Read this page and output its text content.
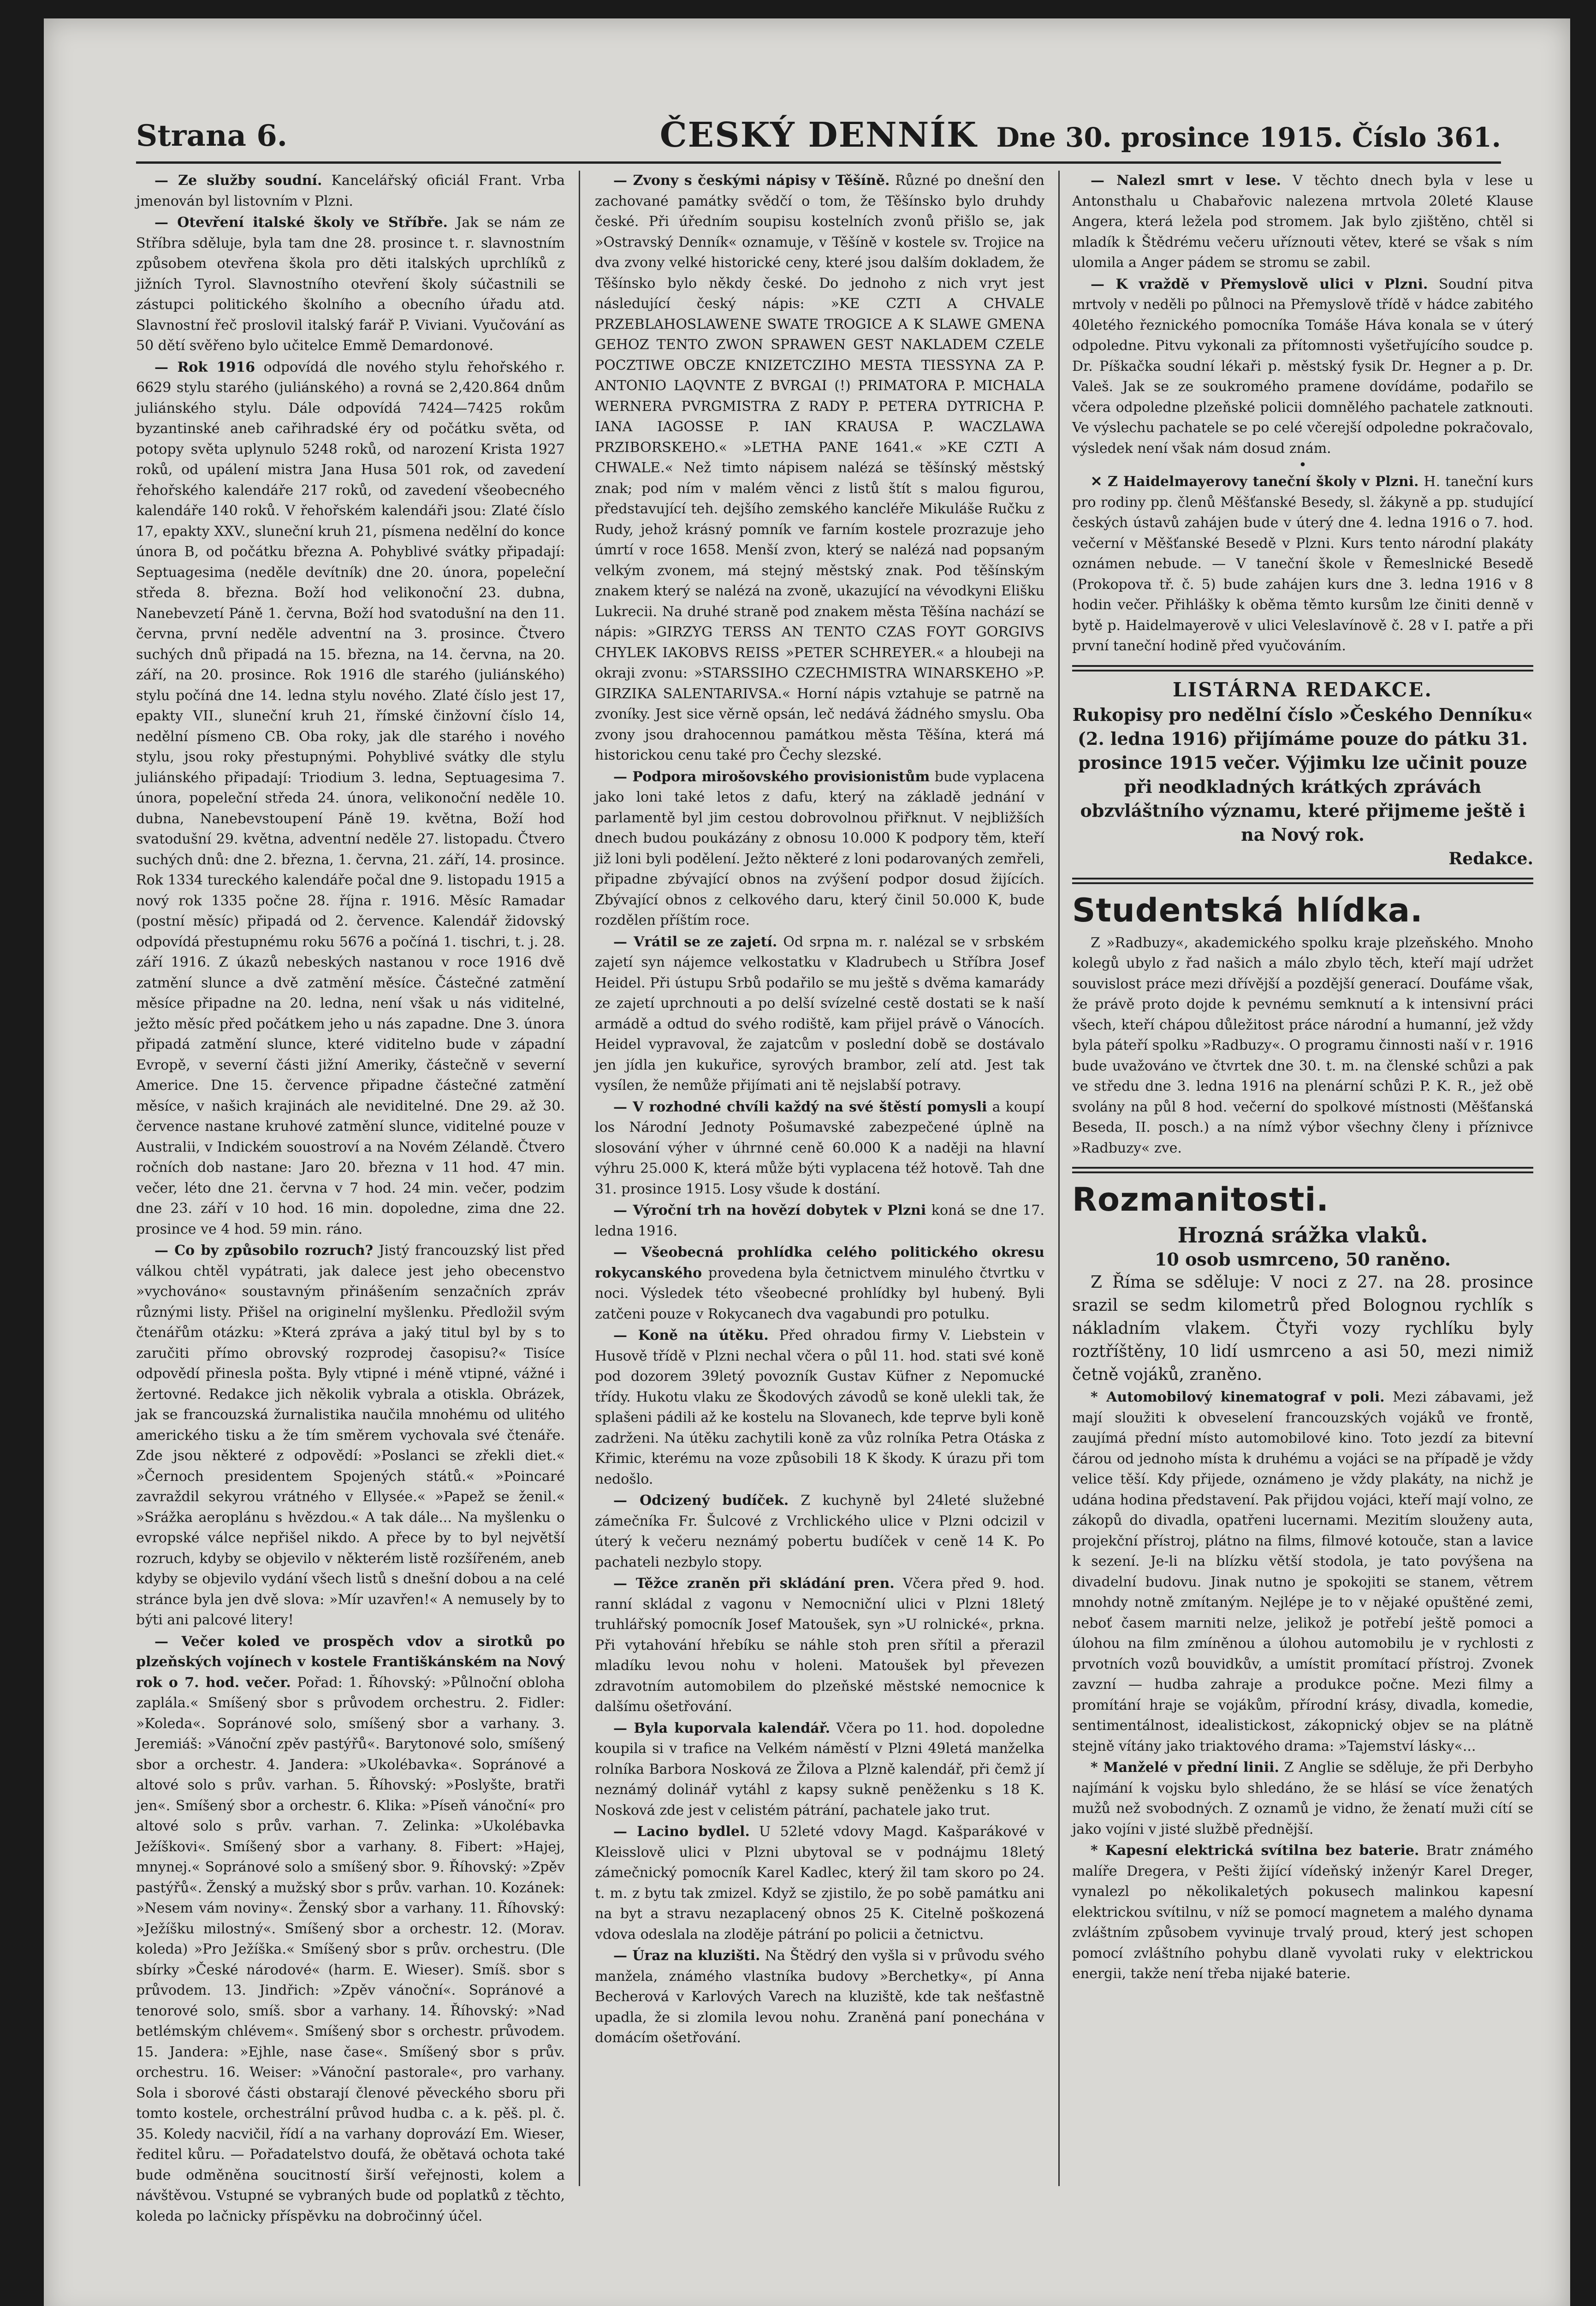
Strana 6.	ČESKÝ DENNÍK Dne 30. prosince 1915. Číslo 361.

— Ze služby soudní. Kancelářský oficiál Frant. Vrba jmenován byl listovním v Plzni.

— Otevření italské školy ve Stříbře. Jak se nám ze Stříbra sděluje, byla tam dne 28. prosince t. r. slavnostním způsobem otevřena škola pro děti italských uprchlíků z jižních Tyrol. Slavnostního otevření školy súčastnili se zástupci politického školního a obecního úřadu atd. Slavnostní řeč proslovil italský farář P. Viviani. Vyučování as 50 dětí svěřeno bylo učitelce Emmě Demardonové.

— Rok 1916 odpovídá dle nového stylu řehořského r. 6629 stylu starého (juliánského) a rovná se 2,420.864 dnům juliánského stylu. Dále odpovídá 7424—7425 rokům byzantinské aneb cařihradské éry od počátku světa, od potopy světa uplynulo 5248 roků, od narození Krista 1927 roků, od upálení mistra Jana Husa 501 rok, od zavedení řehořského kalendáře 217 roků, od zavedení všeobecného kalendáře 140 roků. V řehořském kalendáři jsou: Zlaté číslo 17, epakty XXV., sluneční kruh 21, písmena nedělní do konce února B, od počátku března A. Pohyblivé svátky připadají: Septuagesima (neděle devítník) dne 20. února, popeleční středa 8. března. Boží hod velikonoční 23. dubna, Nanebevzetí Páně 1. června, Boží hod svatodušní na den 11. června, první neděle adventní na 3. prosince. Čtvero suchých dnů připadá na 15. března, na 14. června, na 20. září, na 20. prosince. Rok 1916 dle starého (juliánského) stylu počíná dne 14. ledna stylu nového. Zlaté číslo jest 17, epakty VII., sluneční kruh 21, římské činžovní číslo 14, nedělní písmeno CB. Oba roky, jak dle starého i nového stylu, jsou roky přestupnými. Pohyblivé svátky dle stylu juliánského připadají: Triodium 3. ledna, Septuagesima 7. února, popeleční středa 24. února, velikonoční neděle 10. dubna, Nanebevstoupení Páně 19. května, Boží hod svatodušní 29. května, adventní neděle 27. listopadu. Čtvero suchých dnů: dne 2. března, 1. června, 21. září, 14. prosince. Rok 1334 tureckého kalendáře počal dne 9. listopadu 1915 a nový rok 1335 počne 28. října r. 1916. Měsíc Ramadar (postní měsíc) připadá od 2. července. Kalendář židovský odpovídá přestupnému roku 5676 a počíná 1. tischri, t. j. 28. září 1916. Z úkazů nebeských nastanou v roce 1916 dvě zatmění slunce a dvě zatmění měsíce. Částečné zatmění měsíce připadne na 20. ledna, není však u nás viditelné, ježto měsíc před počátkem jeho u nás zapadne. Dne 3. února připadá zatmění slunce, které viditelno bude v západní Evropě, v severní části jižní Ameriky, částečně v severní Americe. Dne 15. července připadne částečné zatmění měsíce, v našich krajinách ale neviditelné. Dne 29. až 30. července nastane kruhové zatmění slunce, viditelné pouze v Australii, v Indickém souostroví a na Novém Zélandě. Čtvero ročních dob nastane: Jaro 20. března v 11 hod. 47 min. večer, léto dne 21. června v 7 hod. 24 min. večer, podzim dne 23. září v 10 hod. 16 min. dopoledne, zima dne 22. prosince ve 4 hod. 59 min. ráno.

— Co by způsobilo rozruch? Jistý francouzský list před válkou chtěl vypátrati, jak dalece jest jeho obecenstvo »vychováno« soustavným přinášením senzačních zpráv různými listy. Přišel na originelní myšlenku. Předložil svým čtenářům otázku: »Která zpráva a jaký titul byl by s to zaručiti přímo obrovský rozprodej časopisu?« Tisíce odpovědí přinesla pošta. Byly vtipné i méně vtipné, vážné i žertovné. Redakce jich několik vybrala a otiskla. Obrázek, jak se francouzská žurnalistika naučila mnohému od ulitého amerického tisku a že tím směrem vychovala své čtenáře. Zde jsou některé z odpovědí: »Poslanci se zřekli diet.« »Černoch presidentem Spojených států.« »Poincaré zavraždil sekyrou vrátného v Ellysée.« »Papež se ženil.« »Srážka aeroplánu s hvězdou.« A tak dále... Na myšlenku o evropské válce nepřišel nikdo. A přece by to byl největší rozruch, kdyby se objevilo v některém listě rozšířeném, aneb kdyby se objevilo vydání všech listů s dnešní dobou a na celé stránce byla jen dvě slova: »Mír uzavřen!« A nemusely by to býti ani palcové litery!

— Večer koled ve prospěch vdov a sirotků po plzeňských vojínech v kostele Františkánském na Nový rok o 7. hod. večer. Pořad: 1. Říhovský: »Půlnoční obloha zaplála.« Smíšený sbor s průvodem orchestru. 2. Fidler: »Koleda«. Sopránové solo, smíšený sbor a varhany. 3. Jeremiáš: »Vánoční zpěv pastýřů«. Barytonové solo, smíšený sbor a orchestr. 4. Jandera: »Ukolébavka«. Sopránové a altové solo s prův. varhan. 5. Říhovský: »Poslyšte, bratři jen«. Smíšený sbor a orchestr. 6. Klika: »Píseň vánoční« pro altové solo s prův. varhan. 7. Zelinka: »Ukolébavka Ježíškovi«. Smíšený sbor a varhany. 8. Fibert: »Hajej, mnynej.« Sopránové solo a smíšený sbor. 9. Říhovský: »Zpěv pastýřů«. Ženský a mužský sbor s prův. varhan. 10. Kozánek: »Nesem vám noviny«. Ženský sbor a varhany. 11. Říhovský: »Ježíšku milostný«. Smíšený sbor a orchestr. 12. (Morav. koleda) »Pro Ježíška.« Smíšený sbor s prův. orchestru. (Dle sbírky »České národové« (harm. E. Wieser). Smíš. sbor s průvodem. 13. Jindřich: »Zpěv vánoční«. Sopránové a tenorové solo, smíš. sbor a varhany. 14. Říhovský: »Nad betlémským chlévem«. Smíšený sbor s orchestr. průvodem. 15. Jandera: »Ejhle, nase čase«. Smíšený sbor s prův. orchestru. 16. Weiser: »Vánoční pastorale«, pro varhany. Sola i sborové části obstarají členové pěveckého sboru při tomto kostele, orchestrální průvod hudba c. a k. pěš. pl. č. 35. Koledy nacvičil, řídí a na varhany doprovází Em. Wieser, ředitel kůru. — Pořadatelstvo doufá, že obětavá ochota také bude odměněna soucitností širší veřejnosti, kolem a návštěvou. Vstupné se vybraných bude od poplatků z těchto, koleda po lačnicky příspěvku na dobročinný účel.

— Zvony s českými nápisy v Těšíně. Různé po dnešní den zachované památky svědčí o tom, že Těšínsko bylo druhdy české. Při úředním soupisu kostelních zvonů přišlo se, jak »Ostravský Denník« oznamuje, v Těšíně v kostele sv. Trojice na dva zvony velké historické ceny, které jsou dalším dokladem, že Těšínsko bylo někdy české. Do jednoho z nich vryt jest následující český nápis: »KE CZTI A CHVALE PRZEBLAHOSLAWENE SWATE TROGICE A K SLAWE GMENA GEHOZ TENTO ZWON SPRAWEN GEST NAKLADEM CZELE POCZTIWE OBCZE KNIZETCZIHO MESTA TIESSYNA ZA P. ANTONIO LAQVNTE Z BVRGAI (!) PRIMATORA P. MICHALA WERNERA PVRGMISTRA Z RADY P. PETERA DYTRICHA P. IANA IAGOSSE P. IAN KRAUSA P. WACZLAWA PRZIBORSKEHO.« »LETHA PANE 1641.« »KE CZTI A CHWALE.« Než timto nápisem nalézá se těšínský městský znak; pod ním v malém věnci z listů štít s malou figurou, představující teh. dejšího zemského kancléře Mikuláše Ručku z Rudy, jehož krásný pomník ve farním kostele prozrazuje jeho úmrtí v roce 1658. Menší zvon, který se nalézá nad popsaným velkým zvonem, má stejný městský znak. Pod těšínským znakem který se nalézá na zvoně, ukazující na vévodkyni Elišku Lukrecii. Na druhé straně pod znakem města Těšína nachází se nápis: »GIRZYG TERSS AN TENTO CZAS FOYT GORGIVS CHYLEK IAKOBVS REISS »PETER SCHREYER.« a hloubeji na okraji zvonu: »STARSSIHO CZECHMISTRA WINARSKEHO »P. GIRZIKA SALENTARIVSA.« Horní nápis vztahuje se patrně na zvoníky. Jest sice věrně opsán, leč nedává žádného smyslu. Oba zvony jsou drahocennou památkou města Těšína, která má historickou cenu také pro Čechy slezské.

— Podpora mirošovského provisionistům bude vyplacena jako loni také letos z dafu, který na základě jednání v parlamentě byl jim cestou dobrovolnou přiřknut. V nejbližších dnech budou poukázány z obnosu 10.000 K podpory těm, kteří již loni byli podělení. Ježto některé z loni podarovaných zemřeli, připadne zbývající obnos na zvýšení podpor dosud žijících. Zbývající obnos z celkového daru, který činil 50.000 K, bude rozdělen příštím roce.

— Vrátil se ze zajetí. Od srpna m. r. nalézal se v srbském zajetí syn nájemce velkostatku v Kladrubech u Stříbra Josef Heidel. Při ústupu Srbů podařilo se mu ještě s dvěma kamarády ze zajetí uprchnouti a po delší svízelné cestě dostati se k naší armádě a odtud do svého rodiště, kam přijel právě o Vánocích. Heidel vypravoval, že zajatcům v poslední době se dostávalo jen jídla jen kukuřice, syrových brambor, zelí atd. Jest tak vysílen, že nemůže přijímati ani tě nejslabší potravy.

— V rozhodné chvíli každý na své štěstí pomysli a koupí los Národní Jednoty Pošumavské zabezpečené úplně na slosování výher v úhrnné ceně 60.000 K a naději na hlavní výhru 25.000 K, která může býti vyplacena též hotově. Tah dne 31. prosince 1915. Losy všude k dostání.

— Výroční trh na hovězí dobytek v Plzni koná se dne 17. ledna 1916.

— Všeobecná prohlídka celého politického okresu rokycanského provedena byla četnictvem minulého čtvrtku v noci. Výsledek této všeobecné prohlídky byl hubený. Byli zatčeni pouze v Rokycanech dva vagabundi pro potulku.

— Koně na útěku. Před ohradou firmy V. Liebstein v Husově třídě v Plzni nechal včera o půl 11. hod. stati své koně pod dozorem 39letý povozník Gustav Küfner z Nepomucké třídy. Hukotu vlaku ze Škodových závodů se koně ulekli tak, že splašeni pádili až ke kostelu na Slovanech, kde teprve byli koně zadrženi. Na útěku zachytili koně za vůz rolníka Petra Otáska z Křimic, kterému na voze způsobili 18 K škody. K úrazu při tom nedošlo.

— Odcizený budíček. Z kuchyně byl 24leté služebné zámečníka Fr. Šulcové z Vrchlického ulice v Plzni odcizil v úterý k večeru neznámý pobertu budíček v ceně 14 K. Po pachateli nezbylo stopy.

— Těžce zraněn při skládání pren. Včera před 9. hod. ranní skládal z vagonu v Nemocniční ulici v Plzni 18letý truhlářský pomocník Josef Matoušek, syn »U rolnické«, prkna. Při vytahování hřebíku se náhle stoh pren sřítil a přerazil mladíku levou nohu v holeni. Matoušek byl převezen zdravotním automobilem do plzeňské městské nemocnice k dalšímu ošetřování.

— Byla kuporvala kalendář. Včera po 11. hod. dopoledne koupila si v trafice na Velkém náměstí v Plzni 49letá manželka rolníka Barbora Nosková ze Žilova a Plzně kalendář, při čemž jí neznámý dolinář vytáhl z kapsy sukně peněženku s 18 K. Nosková zde jest v celistém pátrání, pachatele jako trut.

— Lacino bydlel. U 52leté vdovy Magd. Kašparákové v Kleisslově ulici v Plzni ubytoval se v podnájmu 18letý zámečnický pomocník Karel Kadlec, který žil tam skoro po 24. t. m. z bytu tak zmizel. Když se zjistilo, že po sobě památku ani na byt a stravu nezaplacený obnos 25 K. Citelně poškozená vdova odeslala na zloděje pátrání po policii a četnictvu.

— Úraz na kluzišti. Na Štědrý den vyšla si v průvodu svého manžela, známého vlastníka budovy »Berchetky«, pí Anna Becherová v Karlových Varech na kluziště, kde tak nešťastně upadla, že si zlomila levou nohu. Zraněná paní ponechána v domácím ošetřování.

— Nalezl smrt v lese. V těchto dnech byla v lese u Antonsthalu u Chabařovic nalezena mrtvola 20leté Klause Angera, která ležela pod stromem. Jak bylo zjištěno, chtěl si mladík k Štědrému večeru uříznouti větev, které se však s ním ulomila a Anger pádem se stromu se zabil.

— K vraždě v Přemyslově ulici v Plzni. Soudní pitva mrtvoly v neděli po půlnoci na Přemyslově třídě v hádce zabitého 40letého řeznického pomocníka Tomáše Háva konala se v úterý odpoledne. Pitvu vykonali za přítomnosti vyšetřujícího soudce p. Dr. Píškačka soudní lékaři p. městský fysik Dr. Hegner a p. Dr. Valeš. Jak se ze soukromého pramene dovídáme, podařilo se včera odpoledne plzeňské policii domnělého pachatele zatknouti. Ve výslechu pachatele se po celé včerejší odpoledne pokračovalo, výsledek není však nám dosud znám.

•

✕ Z Haidelmayerovy taneční školy v Plzni. H. taneční kurs pro rodiny pp. členů Měšťanské Besedy, sl. žákyně a pp. studující českých ústavů zahájen bude v úterý dne 4. ledna 1916 o 7. hod. večerní v Měšťanské Besedě v Plzni. Kurs tento národní plakáty oznámen nebude. — V taneční škole v Řemeslnické Besedě (Prokopova tř. č. 5) bude zahájen kurs dne 3. ledna 1916 v 8 hodin večer. Přihlášky k oběma těmto kursům lze činiti denně v bytě p. Haidelmayerově v ulici Veleslavínově č. 28 v I. patře a při první taneční hodině před vyučováním.

LISTÁRNA REDAKCE.
Rukopisy pro nedělní číslo »Českého Denníku« (2. ledna 1916) přijímáme pouze do pátku 31. prosince 1915 večer. Výjimku lze učinit pouze při neodkladných krátkých zprávách obzvláštního významu, které přijmeme ještě i na Nový rok.
Redakce.
Studentská hlídka.

Z »Radbuzy«, akademického spolku kraje plzeňského. Mnoho kolegů ubylo z řad našich a málo zbylo těch, kteří mají udržet souvislost práce mezi dřívější a pozdější generací. Doufáme však, že právě proto dojde k pevnému semknutí a k intensivní práci všech, kteří chápou důležitost práce národní a humanní, jež vždy byla páteří spolku »Radbuzy«. O programu činnosti naší v r. 1916 bude uvažováno ve čtvrtek dne 30. t. m. na členské schůzi a pak ve středu dne 3. ledna 1916 na plenární schůzi P. K. R., jež obě svolány na půl 8 hod. večerní do spolkové místnosti (Měšťanská Beseda, II. posch.) a na nímž výbor všechny členy i příznivce »Radbuzy« zve.

Rozmanitosti.
Hrozná srážka vlaků.
10 osob usmrceno, 50 raněno.

Z Říma se sděluje: V noci z 27. na 28. prosince srazil se sedm kilometrů před Bolognou rychlík s nákladním vlakem. Čtyři vozy rychlíku byly roztříštěny, 10 lidí usmrceno a asi 50, mezi nimiž četně vojáků, zraněno.

* Automobilový kinematograf v poli. Mezi zábavami, jež mají sloužiti k obveselení francouzských vojáků ve frontě, zaujímá přední místo automobilové kino. Toto jezdí za bitevní čárou od jednoho místa k druhému a vojáci se na případě je vždy velice těší. Kdy přijede, oznámeno je vždy plakáty, na nichž je udána hodina představení. Pak přijdou vojáci, kteří mají volno, ze zákopů do divadla, opatřeni lucernami. Mezitím slouženy auta, projekční přístroj, plátno na films, filmové kotouče, stan a lavice k sezení. Je-li na blízku větší stodola, je tato povýšena na divadelní budovu. Jinak nutno je spokojiti se stanem, větrem mnohdy notně zmítaným. Nejlépe je to v nějaké opuštěné zemi, neboť časem marniti nelze, jelikož je potřebí ještě pomoci a úlohou na film zmíněnou a úlohou automobilu je v rychlosti z prvotních vozů bouvidkův, a umístit promítací přístroj. Zvonek zavzní — hudba zahraje a produkce počne. Mezi filmy a promítání hraje se vojákům, přírodní krásy, divadla, komedie, sentimentálnost, idealistickost, zákopnický objev se na plátně stejně vítány jako triaktového drama: »Tajemství lásky«...

* Manželé v přední linii. Z Anglie se sděluje, že při Derbyho najímání k vojsku bylo shledáno, že se hlásí se více ženatých mužů než svobodných. Z oznamů je vidno, že ženatí muži cítí se jako vojíni v jisté službě přednější.

* Kapesní elektrická svítilna bez baterie. Bratr známého malíře Dregera, v Pešti žijící vídeňský inženýr Karel Dreger, vynalezl po několikaletých pokusech malinkou kapesní elektrickou svítilnu, v níž se pomocí magnetem a malého dynama zvláštním způsobem vyvinuje trvalý proud, který jest schopen pomocí zvláštního pohybu dlaně vyvolati ruky v elektrickou energii, takže není třeba nijaké baterie.
